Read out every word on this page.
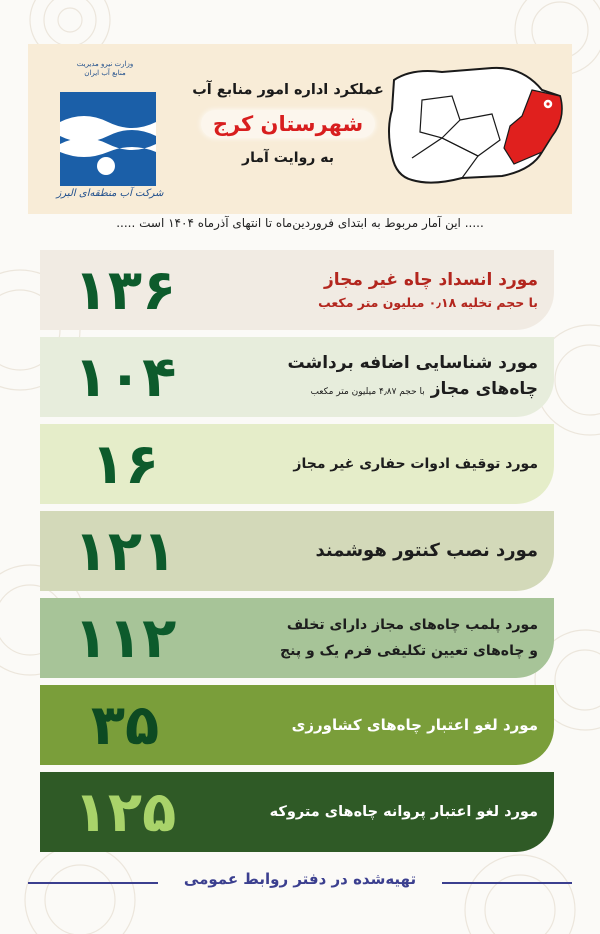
وزارت نیرو مدیریت منابع آب ایران
شرکت آب منطقه‌ای البرز
عملکرد اداره امور منابع آب
شهرستان کرج
به روایت آمار
..... این آمار مربوط به ابتدای فروردین‌ماه تا انتهای آذرماه ۱۴۰۴ است .....
مورد انسداد چاه غیر مجاز
با حجم تخلیه ۰٫۱۸ میلیون متر مکعب
۱۳۶
مورد شناسایی اضافه برداشت
چاه‌های مجاز با حجم ۴٫۸۷ میلیون متر مکعب
۱۰۴
مورد توقیف ادوات حفاری غیر مجاز
۱۶
مورد نصب کنتور هوشمند
۱۲۱
مورد پلمب چاه‌های مجاز دارای تخلف
و چاه‌های تعیین تکلیفی فرم یک و پنج
۱۱۲
مورد لغو اعتبار چاه‌های کشاورزی
۳۵
مورد لغو اعتبار پروانه چاه‌های متروکه
۱۲۵
تهیه‌شده در دفتر روابط عمومی
